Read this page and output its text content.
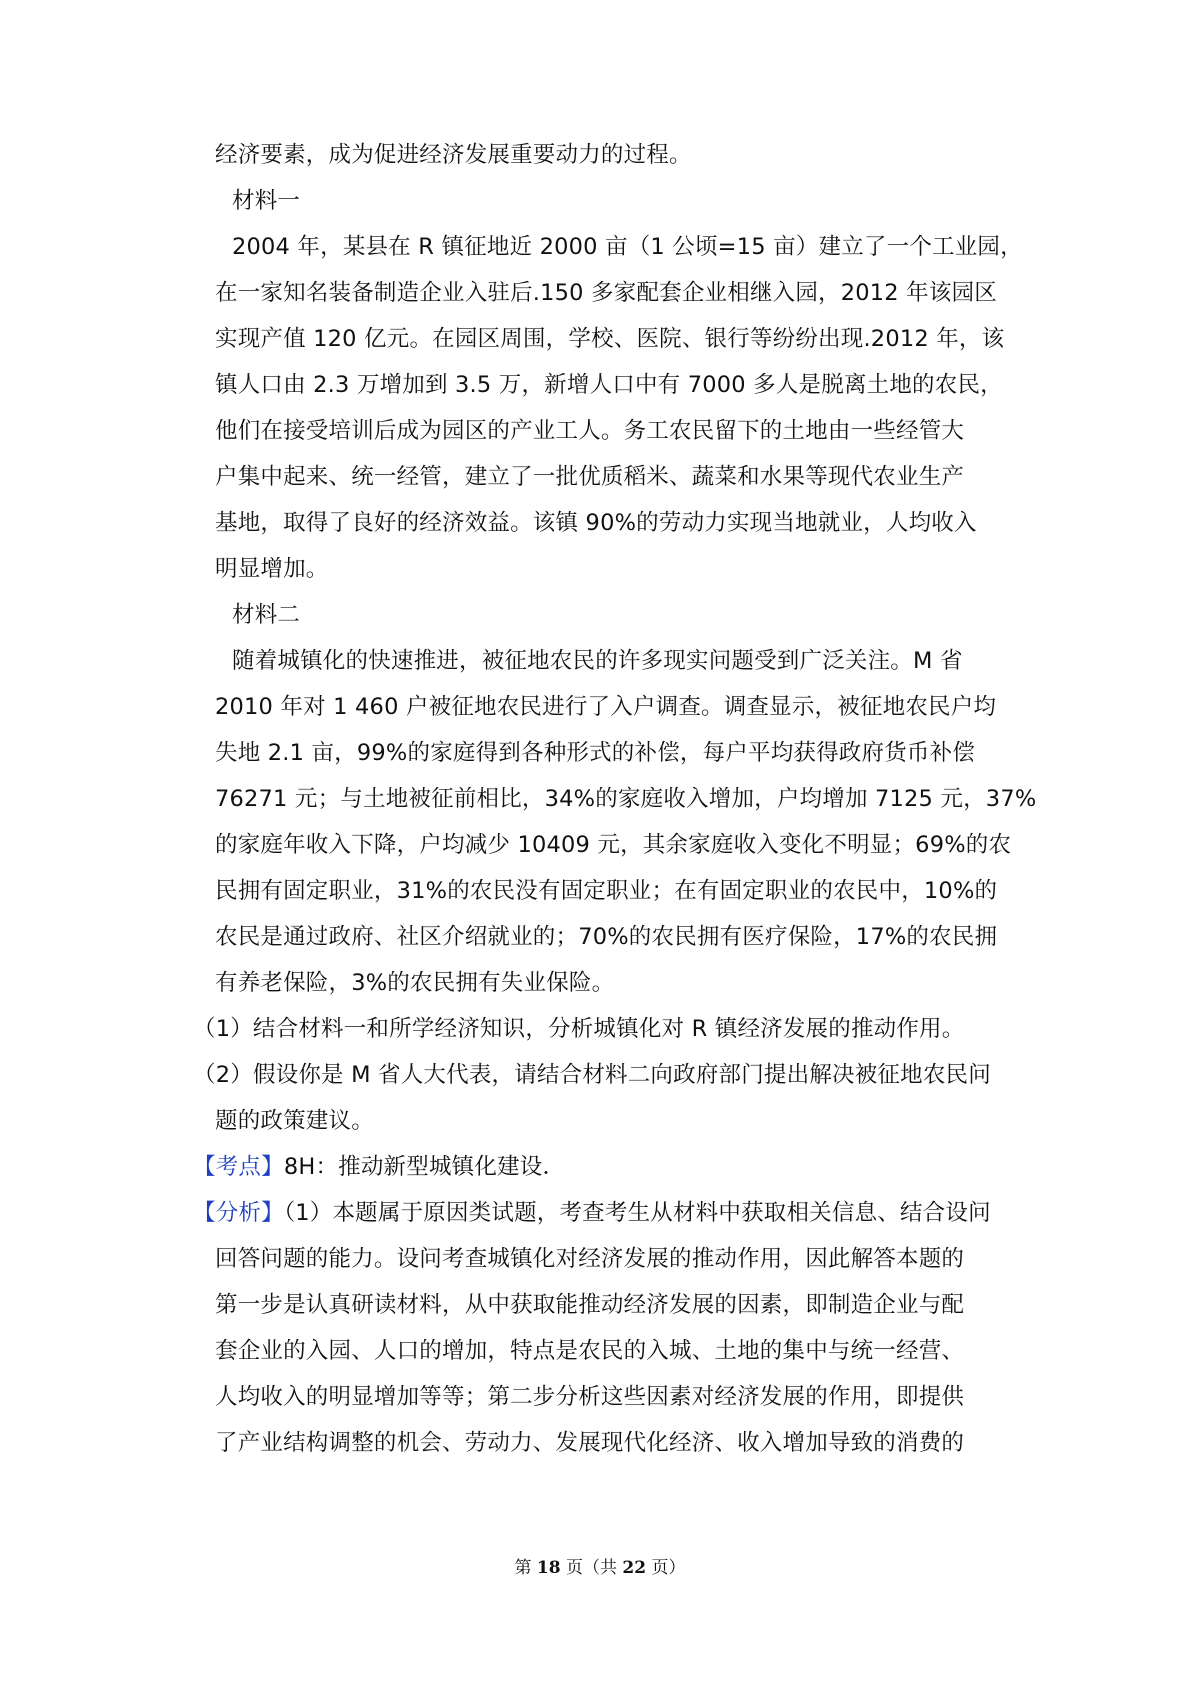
经济要素，成为促进经济发展重要动力的过程。
材料一
2004 年，某县在 R 镇征地近 2000 亩（1 公顷=15 亩）建立了一个工业园，
在一家知名装备制造企业入驻后.150 多家配套企业相继入园，2012 年该园区
实现产值 120 亿元。在园区周围，学校、医院、银行等纷纷出现.2012 年，该
镇人口由 2.3 万增加到 3.5 万，新增人口中有 7000 多人是脱离土地的农民，
他们在接受培训后成为园区的产业工人。务工农民留下的土地由一些经管大
户集中起来、统一经管，建立了一批优质稻米、蔬菜和水果等现代农业生产
基地，取得了良好的经济效益。该镇 90%的劳动力实现当地就业，人均收入
明显增加。
材料二
随着城镇化的快速推进，被征地农民的许多现实问题受到广泛关注。M 省
2010 年对 1 460 户被征地农民进行了入户调查。调查显示，被征地农民户均
失地 2.1 亩，99%的家庭得到各种形式的补偿，每户平均获得政府货币补偿
76271 元；与土地被征前相比，34%的家庭收入增加，户均增加 7125 元，37%
的家庭年收入下降，户均减少 10409 元，其余家庭收入变化不明显；69%的农
民拥有固定职业，31%的农民没有固定职业；在有固定职业的农民中，10%的
农民是通过政府、社区介绍就业的；70%的农民拥有医疗保险，17%的农民拥
有养老保险，3%的农民拥有失业保险。
（1）结合材料一和所学经济知识，分析城镇化对 R 镇经济发展的推动作用。
（2）假设你是 M 省人大代表，请结合材料二向政府部门提出解决被征地农民问
题的政策建议。
【考点】8H：推动新型城镇化建设．
【分析】（1）本题属于原因类试题，考查考生从材料中获取相关信息、结合设问
回答问题的能力。设问考查城镇化对经济发展的推动作用，因此解答本题的
第一步是认真研读材料，从中获取能推动经济发展的因素，即制造企业与配
套企业的入园、人口的增加，特点是农民的入城、土地的集中与统一经营、
人均收入的明显增加等等；第二步分析这些因素对经济发展的作用，即提供
了产业结构调整的机会、劳动力、发展现代化经济、收入增加导致的消费的
第 18 页（共 22 页）
